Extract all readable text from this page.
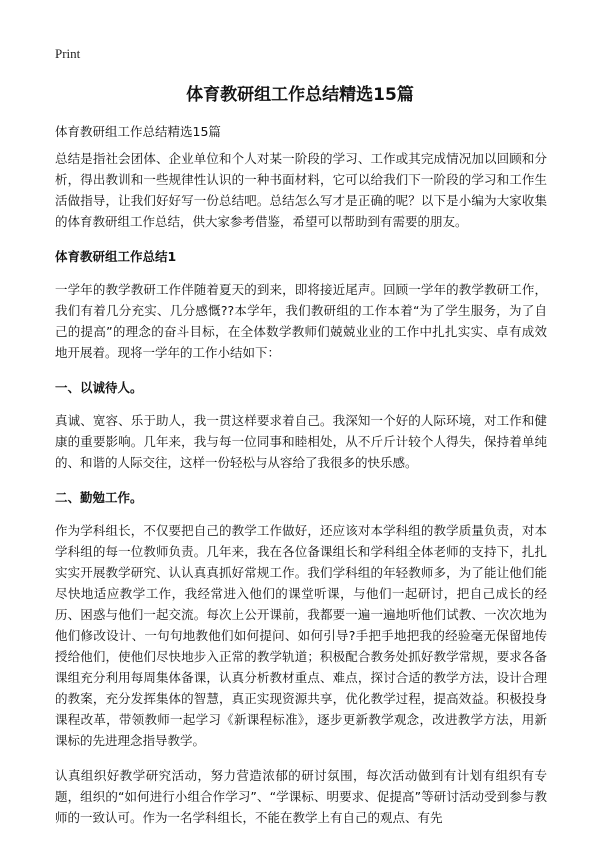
Print
体育教研组工作总结精选15篇
体育教研组工作总结精选15篇

总结是指社会团体、企业单位和个人对某一阶段的学习、工作或其完成情况加以回顾和分析，得出教训和一些规律性认识的一种书面材料，它可以给我们下一阶段的学习和工作生活做指导，让我们好好写一份总结吧。总结怎么写才是正确的呢？以下是小编为大家收集的体育教研组工作总结，供大家参考借鉴，希望可以帮助到有需要的朋友。

体育教研组工作总结1

一学年的教学教研工作伴随着夏天的到来，即将接近尾声。回顾一学年的教学教研工作，我们有着几分充实、几分感慨??本学年，我们教研组的工作本着“为了学生服务，为了自己的提高”的理念的奋斗目标，在全体数学教师们兢兢业业的工作中扎扎实实、卓有成效地开展着。现将一学年的工作小结如下：

一、以诚待人。

真诚、宽容、乐于助人，我一贯这样要求着自己。我深知一个好的人际环境，对工作和健康的重要影响。几年来，我与每一位同事和睦相处，从不斤斤计较个人得失，保持着单纯的、和谐的人际交往，这样一份轻松与从容给了我很多的快乐感。

二、勤勉工作。

作为学科组长，不仅要把自己的教学工作做好，还应该对本学科组的教学质量负责，对本学科组的每一位教师负责。几年来，我在各位备课组长和学科组全体老师的支持下，扎扎实实开展教学研究、认认真真抓好常规工作。我们学科组的年轻教师多，为了能让他们能尽快地适应教学工作，我经常进入他们的课堂听课，与他们一起研讨，把自己成长的经历、困惑与他们一起交流。每次上公开课前，我都要一遍一遍地听他们试教、一次次地为他们修改设计、一句句地教他们如何提问、如何引导?手把手地把我的经验毫无保留地传授给他们，使他们尽快地步入正常的教学轨道；积极配合教务处抓好教学常规，要求各备课组充分利用每周集体备课，认真分析教材重点、难点，探讨合适的教学方法，设计合理的教案，充分发挥集体的智慧，真正实现资源共享，优化教学过程，提高效益。积极投身课程改革，带领教师一起学习《新课程标准》，逐步更新教学观念，改进教学方法，用新课标的先进理念指导教学。

认真组织好教学研究活动，努力营造浓郁的研讨氛围，每次活动做到有计划有组织有专题，组织的“如何进行小组合作学习”、“学课标、明要求、促提高”等研讨活动受到参与教师的一致认可。作为一名学科组长，不能在教学上有自己的观点、有先
